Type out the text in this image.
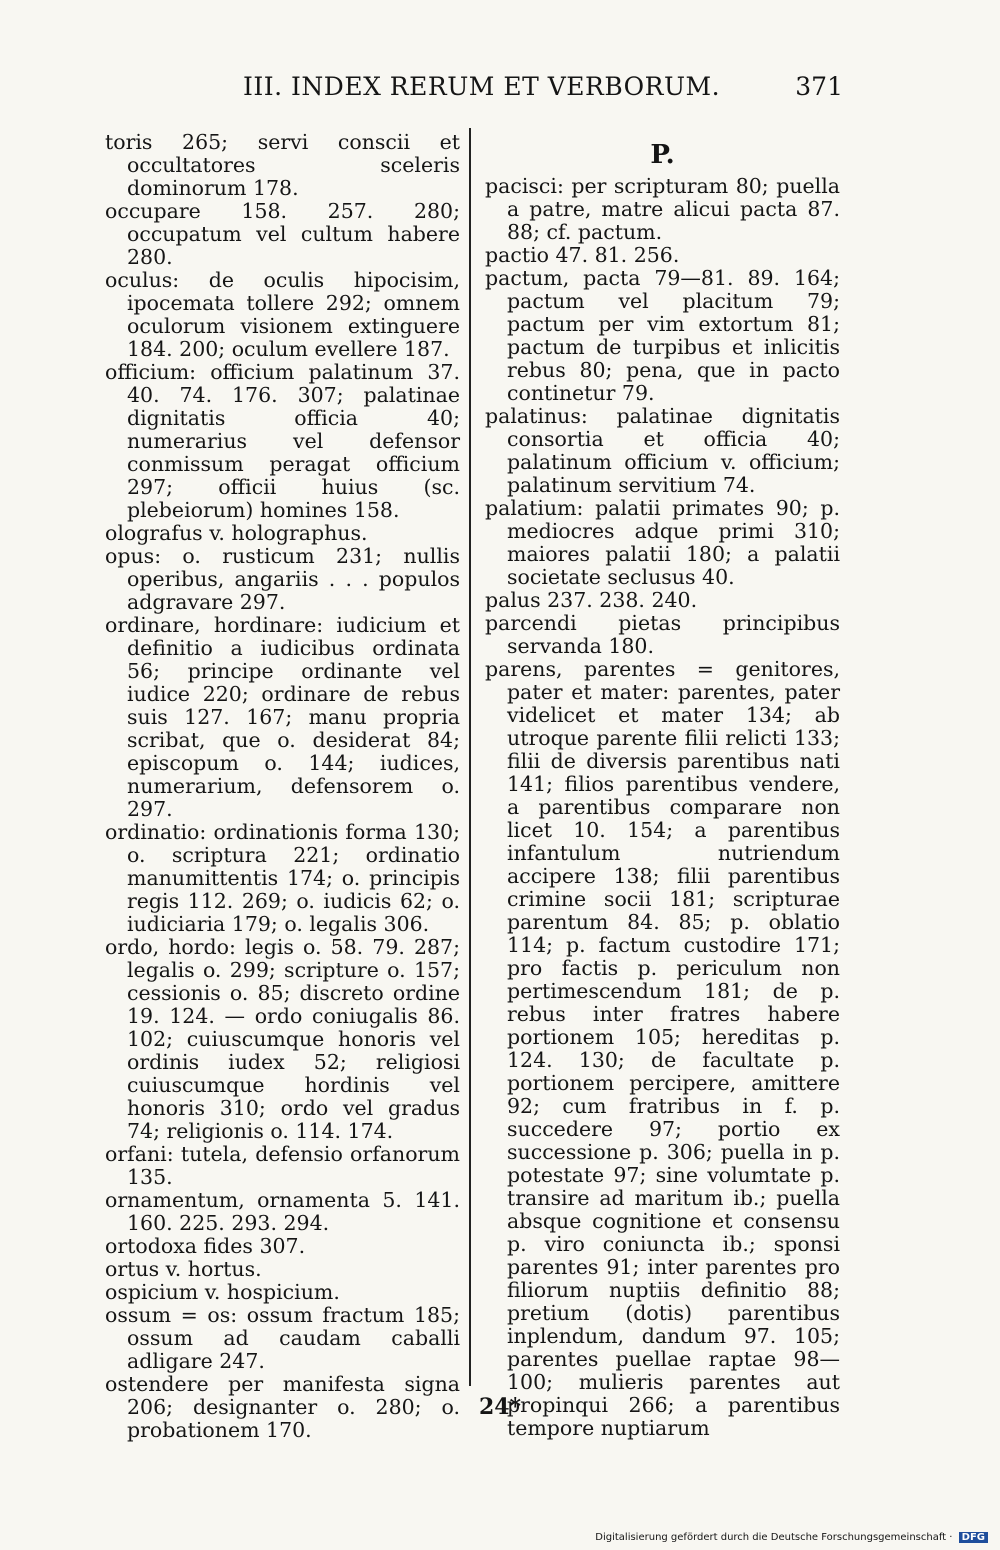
III. INDEX RERUM ET VERBORUM.	371

toris 265; servi conscii et occultatores sceleris dominorum 178.

occupare 158. 257. 280; occupatum vel cultum habere 280.

oculus: de oculis hipocisim, ipocemata tollere 292; omnem oculorum visionem extinguere 184. 200; oculum evellere 187.

officium: officium palatinum 37. 40. 74. 176. 307; palatinae dignitatis officia 40; numerarius vel defensor conmissum peragat officium 297; officii huius (sc. plebeiorum) homines 158.

olografus v. holographus.

opus: o. rusticum 231; nullis operibus, angariis . . . populos adgravare 297.

ordinare, hordinare: iudicium et definitio a iudicibus ordinata 56; principe ordinante vel iudice 220; ordinare de rebus suis 127. 167; manu propria scribat, que o. desiderat 84; episcopum o. 144; iudices, numerarium, defensorem o. 297.

ordinatio: ordinationis forma 130; o. scriptura 221; ordinatio manumittentis 174; o. principis regis 112. 269; o. iudicis 62; o. iudiciaria 179; o. legalis 306.

ordo, hordo: legis o. 58. 79. 287; legalis o. 299; scripture o. 157; cessionis o. 85; discreto ordine 19. 124. — ordo coniugalis 86. 102; cuiuscumque honoris vel ordinis iudex 52; religiosi cuiuscumque hordinis vel honoris 310; ordo vel gradus 74; religionis o. 114. 174.

orfani: tutela, defensio orfanorum 135.

ornamentum, ornamenta 5. 141. 160. 225. 293. 294.

ortodoxa fides 307.

ortus v. hortus.

ospicium v. hospicium.

ossum = os: ossum fractum 185; ossum ad caudam caballi adligare 247.

ostendere per manifesta signa 206; designanter o. 280; o. probationem 170.

P.

pacisci: per scripturam 80; puella a patre, matre alicui pacta 87. 88; cf. pactum.

pactio 47. 81. 256.

pactum, pacta 79—81. 89. 164; pactum vel placitum 79; pactum per vim extortum 81; pactum de turpibus et inlicitis rebus 80; pena, que in pacto continetur 79.

palatinus: palatinae dignitatis consortia et officia 40; palatinum officium v. officium; palatinum servitium 74.

palatium: palatii primates 90; p. mediocres adque primi 310; maiores palatii 180; a palatii societate seclusus 40.

palus 237. 238. 240.

parcendi pietas principibus servanda 180.

parens, parentes = genitores, pater et mater: parentes, pater videlicet et mater 134; ab utroque parente filii relicti 133; filii de diversis parentibus nati 141; filios parentibus vendere, a parentibus comparare non licet 10. 154; a parentibus infantulum nutriendum accipere 138; filii parentibus crimine socii 181; scripturae parentum 84. 85; p. oblatio 114; p. factum custodire 171; pro factis p. periculum non pertimescendum 181; de p. rebus inter fratres habere portionem 105; hereditas p. 124. 130; de facultate p. portionem percipere, amittere 92; cum fratribus in f. p. succedere 97; portio ex successione p. 306; puella in p. potestate 97; sine volumtate p. transire ad maritum ib.; puella absque cognitione et consensu p. viro coniuncta ib.; sponsi parentes 91; inter parentes pro filiorum nuptiis definitio 88; pretium (dotis) parentibus inplendum, dandum 97. 105; parentes puellae raptae 98—100; mulieris parentes aut propinqui 266; a parentibus tempore nuptiarum

24*
Digitalisierung gefördert durch die Deutsche Forschungsgemeinschaft · DFG
